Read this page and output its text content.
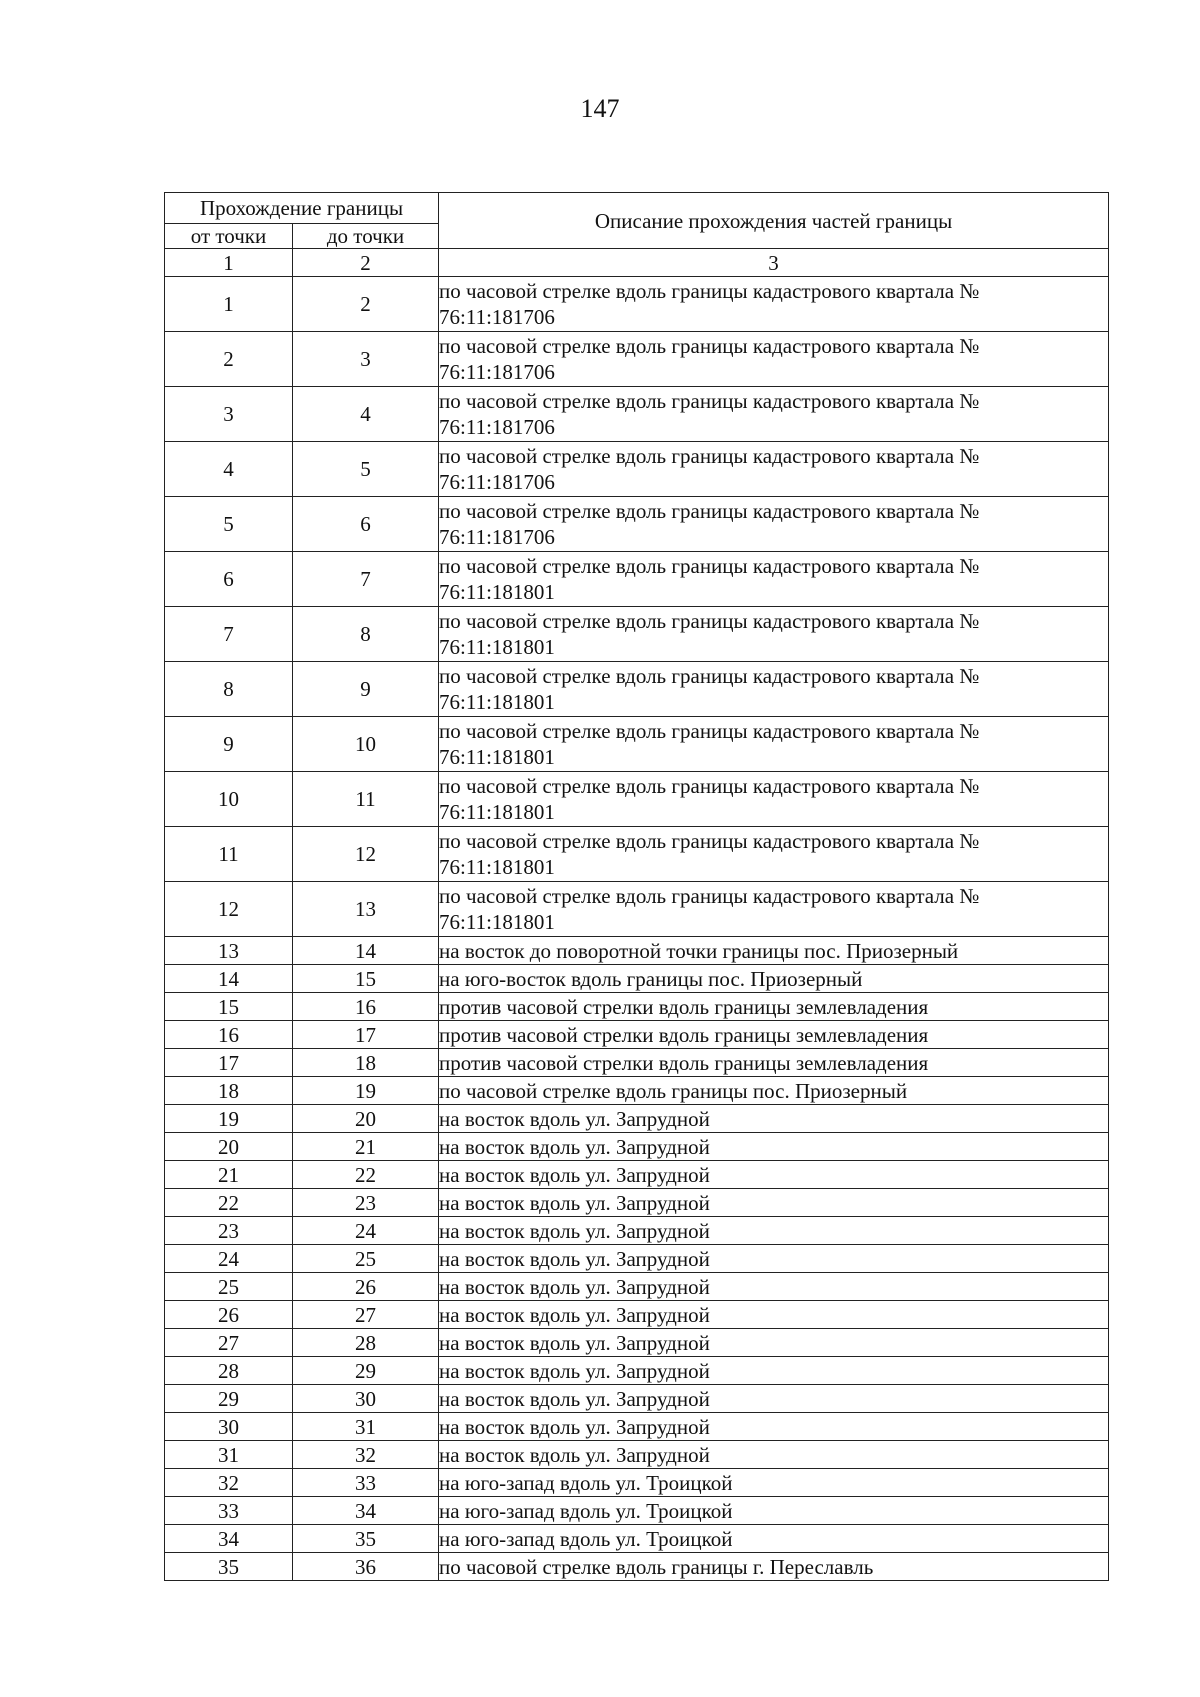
147
Прохождение границы		Описание прохождения частей границы
от точки	до точки	
1	2	3
1	2	по часовой стрелке вдоль границы кадастрового квартала №
76:11:181706

2	3	по часовой стрелке вдоль границы кадастрового квартала №
76:11:181706

3	4	по часовой стрелке вдоль границы кадастрового квартала №
76:11:181706

4	5	по часовой стрелке вдоль границы кадастрового квартала №
76:11:181706

5	6	по часовой стрелке вдоль границы кадастрового квартала №
76:11:181706

6	7	по часовой стрелке вдоль границы кадастрового квартала №
76:11:181801

7	8	по часовой стрелке вдоль границы кадастрового квартала №
76:11:181801

8	9	по часовой стрелке вдоль границы кадастрового квартала №
76:11:181801

9	10	по часовой стрелке вдоль границы кадастрового квартала №
76:11:181801

10	11	по часовой стрелке вдоль границы кадастрового квартала №
76:11:181801

11	12	по часовой стрелке вдоль границы кадастрового квартала №
76:11:181801

12	13	по часовой стрелке вдоль границы кадастрового квартала №
76:11:181801

13	14	на восток до поворотной точки границы пос. Приозерный

14	15	на юго-восток вдоль границы пос. Приозерный

15	16	против часовой стрелки вдоль границы землевладения

16	17	против часовой стрелки вдоль границы землевладения

17	18	против часовой стрелки вдоль границы землевладения

18	19	по часовой стрелке вдоль границы пос. Приозерный

19	20	на восток вдоль ул. Запрудной

20	21	на восток вдоль ул. Запрудной

21	22	на восток вдоль ул. Запрудной

22	23	на восток вдоль ул. Запрудной

23	24	на восток вдоль ул. Запрудной

24	25	на восток вдоль ул. Запрудной

25	26	на восток вдоль ул. Запрудной

26	27	на восток вдоль ул. Запрудной

27	28	на восток вдоль ул. Запрудной

28	29	на восток вдоль ул. Запрудной

29	30	на восток вдоль ул. Запрудной

30	31	на восток вдоль ул. Запрудной

31	32	на восток вдоль ул. Запрудной

32	33	на юго-запад вдоль ул. Троицкой

33	34	на юго-запад вдоль ул. Троицкой

34	35	на юго-запад вдоль ул. Троицкой

35	36	по часовой стрелке вдоль границы г. Переславль
